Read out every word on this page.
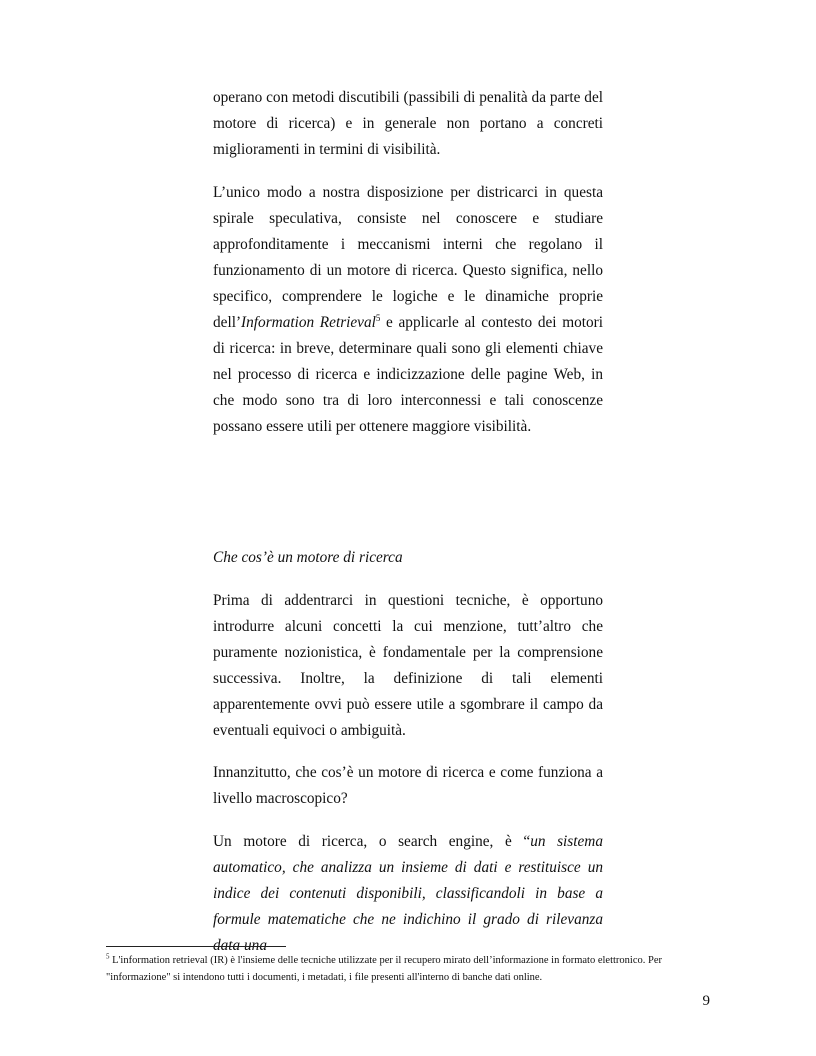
operano con metodi discutibili (passibili di penalità da parte del motore di ricerca) e in generale non portano a concreti miglioramenti in termini di visibilità.

L’unico modo a nostra disposizione per districarci in questa spirale speculativa, consiste nel conoscere e studiare approfonditamente i meccanismi interni che regolano il funzionamento di un motore di ricerca. Questo significa, nello specifico, comprendere le logiche e le dinamiche proprie dell’Information Retrieval$^5$ e applicarle al contesto dei motori di ricerca: in breve, determinare quali sono gli elementi chiave nel processo di ricerca e indicizzazione delle pagine Web, in che modo sono tra di loro interconnessi e tali conoscenze possano essere utili per ottenere maggiore visibilità.

Che cos’è un motore di ricerca

Prima di addentrarci in questioni tecniche, è opportuno introdurre alcuni concetti la cui menzione, tutt’altro che puramente nozionistica, è fondamentale per la comprensione successiva. Inoltre, la definizione di tali elementi apparentemente ovvi può essere utile a sgombrare il campo da eventuali equivoci o ambiguità.

Innanzitutto, che cos’è un motore di ricerca e come funziona a livello macroscopico?

Un motore di ricerca, o search engine, è “un sistema automatico, che analizza un insieme di dati e restituisce un indice dei contenuti disponibili, classificandoli in base a formule matematiche che ne indichino il grado di rilevanza data una

$^5$ L'information retrieval (IR) è l'insieme delle tecniche utilizzate per il recupero mirato dell’informazione in formato elettronico. Per "informazione" si intendono tutti i documenti, i metadati, i file presenti all'interno di banche dati online.

9
